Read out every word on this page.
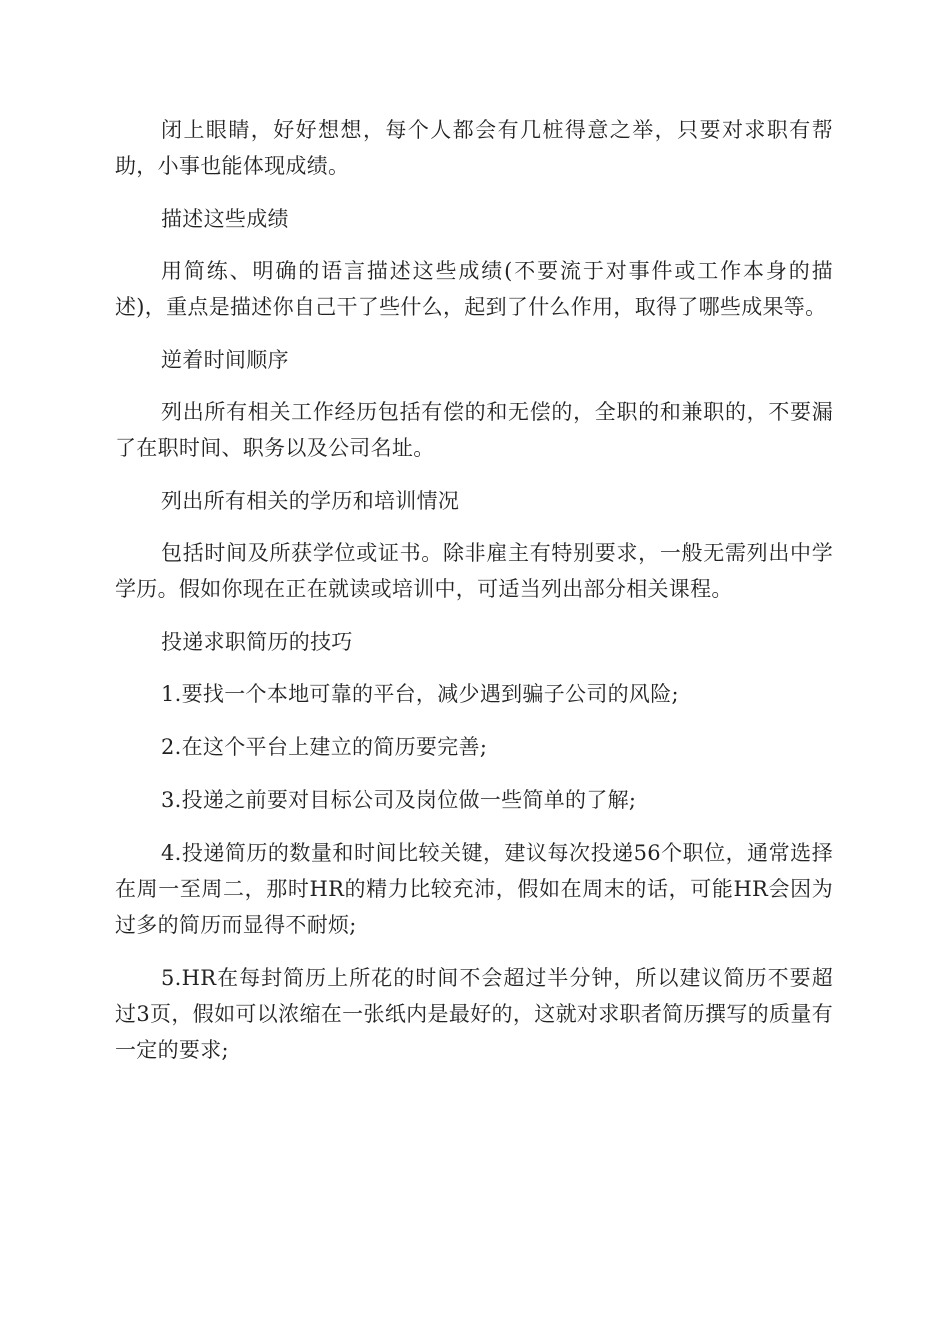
闭上眼睛，好好想想，每个人都会有几桩得意之举，只要对求职有帮助，小事也能体现成绩。

描述这些成绩

用简练、明确的语言描述这些成绩(不要流于对事件或工作本身的描述)，重点是描述你自己干了些什么，起到了什么作用，取得了哪些成果等。

逆着时间顺序

列出所有相关工作经历包括有偿的和无偿的，全职的和兼职的，不要漏了在职时间、职务以及公司名址。

列出所有相关的学历和培训情况

包括时间及所获学位或证书。除非雇主有特别要求，一般无需列出中学学历。假如你现在正在就读或培训中，可适当列出部分相关课程。

投递求职简历的技巧

1.要找一个本地可靠的平台，减少遇到骗子公司的风险;

2.在这个平台上建立的简历要完善;

3.投递之前要对目标公司及岗位做一些简单的了解;

4.投递简历的数量和时间比较关键，建议每次投递56个职位，通常选择在周一至周二，那时HR的精力比较充沛，假如在周末的话，可能HR会因为过多的简历而显得不耐烦;

5.HR在每封简历上所花的时间不会超过半分钟，所以建议简历不要超过3页，假如可以浓缩在一张纸内是最好的，这就对求职者简历撰写的质量有一定的要求;
